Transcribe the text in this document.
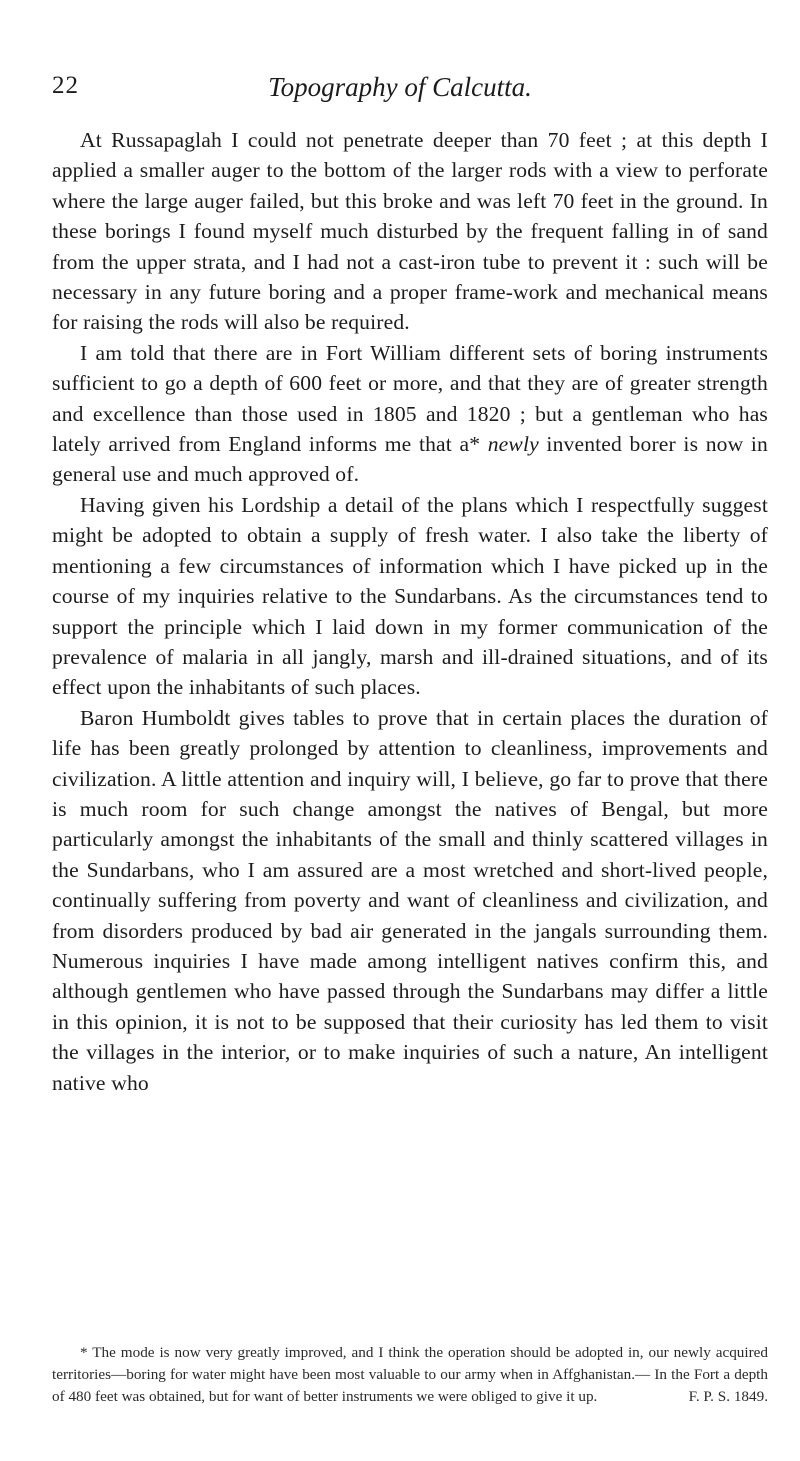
22	Topography of Calcutta.

At Russapaglah I could not penetrate deeper than 70 feet ; at this depth I applied a smaller auger to the bottom of the larger rods with a view to perforate where the large auger failed, but this broke and was left 70 feet in the ground. In these borings I found myself much disturbed by the frequent falling in of sand from the upper strata, and I had not a cast-iron tube to prevent it : such will be necessary in any future boring and a proper frame-work and mechanical means for raising the rods will also be required.

I am told that there are in Fort William different sets of boring instruments sufficient to go a depth of 600 feet or more, and that they are of greater strength and excellence than those used in 1805 and 1820 ; but a gentleman who has lately arrived from England informs me that a* newly invented borer is now in general use and much approved of.

Having given his Lordship a detail of the plans which I respectfully suggest might be adopted to obtain a supply of fresh water. I also take the liberty of mentioning a few circumstances of information which I have picked up in the course of my inquiries relative to the Sundarbans. As the circumstances tend to support the principle which I laid down in my former communication of the prevalence of malaria in all jangly, marsh and ill-drained situations, and of its effect upon the inhabitants of such places.

Baron Humboldt gives tables to prove that in certain places the duration of life has been greatly prolonged by attention to cleanliness, improvements and civilization. A little attention and inquiry will, I believe, go far to prove that there is much room for such change amongst the natives of Bengal, but more particularly amongst the inhabitants of the small and thinly scattered villages in the Sundarbans, who I am assured are a most wretched and short-lived people, continually suffering from poverty and want of cleanliness and civilization, and from disorders produced by bad air generated in the jangals surrounding them. Numerous inquiries I have made among intelligent natives confirm this, and although gentlemen who have passed through the Sundarbans may differ a little in this opinion, it is not to be supposed that their curiosity has led them to visit the villages in the interior, or to make inquiries of such a nature, An intelligent native who

* The mode is now very greatly improved, and I think the operation should be adopted in, our newly acquired territories—boring for water might have been most valuable to our army when in Affghanistan.— In the Fort a depth of 480 feet was obtained, but for want of better instruments we were obliged to give it up.	F. P. S. 1849.
